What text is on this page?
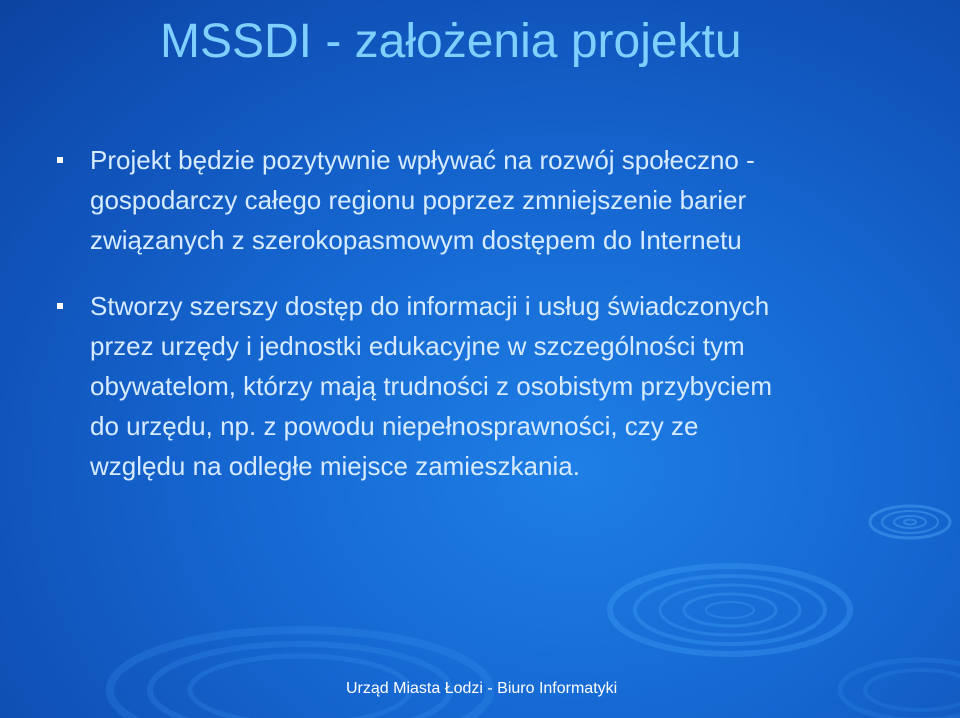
MSSDI - założenia projektu
Projekt będzie pozytywnie wpływać na rozwój społeczno -
gospodarczy całego regionu poprzez zmniejszenie barier
związanych z szerokopasmowym dostępem do Internetu
Stworzy szerszy dostęp do informacji i usług świadczonych
przez urzędy i jednostki edukacyjne w szczególności tym
obywatelom, którzy mają trudności z osobistym przybyciem
do urzędu, np. z powodu niepełnosprawności, czy ze
względu na odległe miejsce zamieszkania.
Urząd Miasta Łodzi - Biuro Informatyki
